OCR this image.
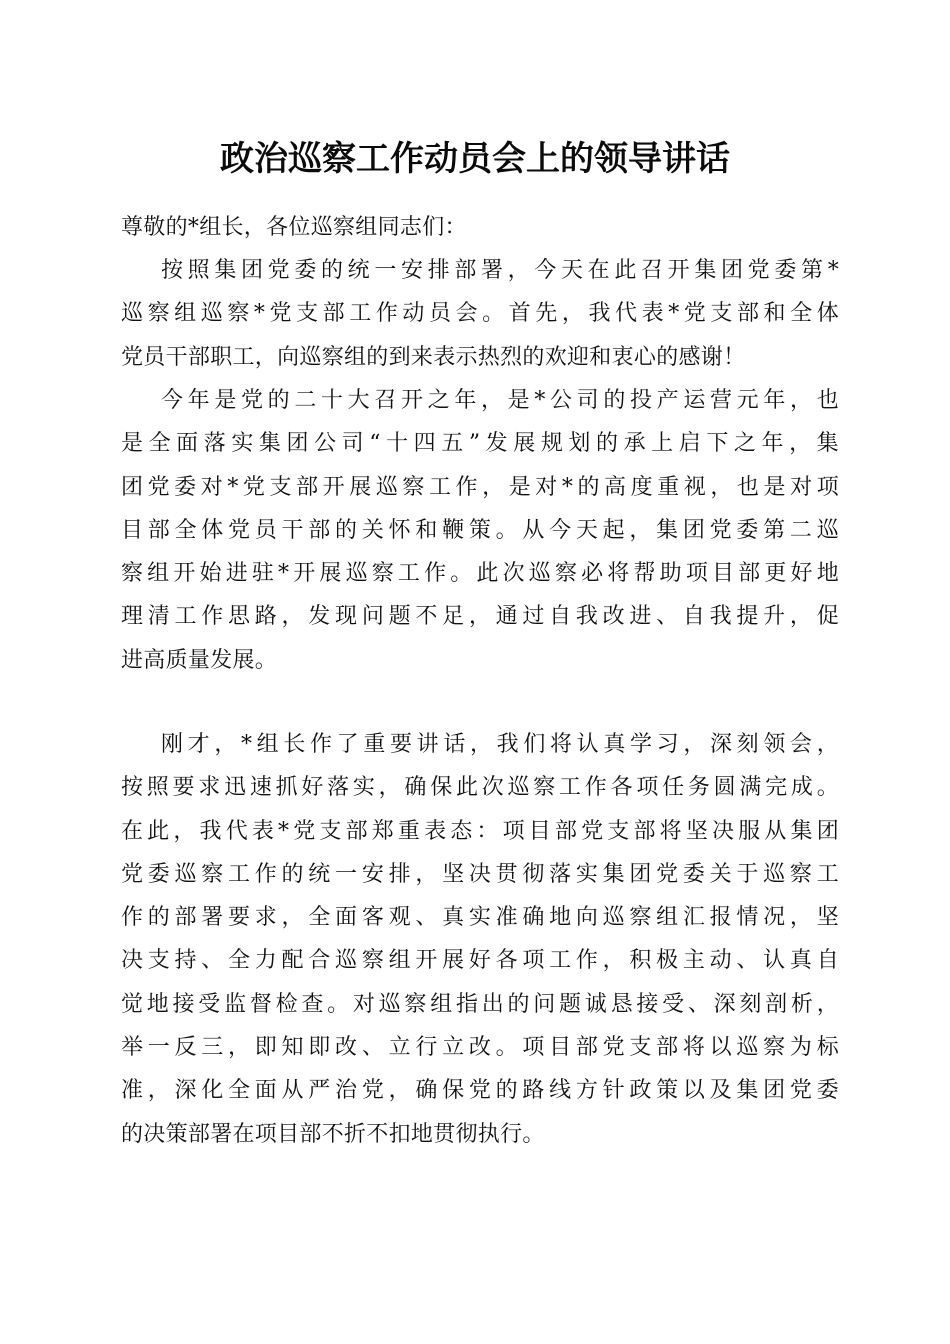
政治巡察工作动员会上的领导讲话

尊敬的*组长，各位巡察组同志们：

按照集团党委的统一安排部署，今天在此召开集团党委第*
巡察组巡察*党支部工作动员会。首先，我代表*党支部和全体
党员干部职工，向巡察组的到来表示热烈的欢迎和衷心的感谢！
今年是党的二十大召开之年，是*公司的投产运营元年，也
是全面落实集团公司“十四五”发展规划的承上启下之年，集
团党委对*党支部开展巡察工作，是对*的高度重视，也是对项
目部全体党员干部的关怀和鞭策。从今天起，集团党委第二巡
察组开始进驻*开展巡察工作。此次巡察必将帮助项目部更好地
理清工作思路，发现问题不足，通过自我改进、自我提升，促
进高质量发展。
刚才，*组长作了重要讲话，我们将认真学习，深刻领会，
按照要求迅速抓好落实，确保此次巡察工作各项任务圆满完成。
在此，我代表*党支部郑重表态：项目部党支部将坚决服从集团
党委巡察工作的统一安排，坚决贯彻落实集团党委关于巡察工
作的部署要求，全面客观、真实准确地向巡察组汇报情况，坚
决支持、全力配合巡察组开展好各项工作，积极主动、认真自
觉地接受监督检查。对巡察组指出的问题诚恳接受、深刻剖析，
举一反三，即知即改、立行立改。项目部党支部将以巡察为标
准，深化全面从严治党，确保党的路线方针政策以及集团党委
的决策部署在项目部不折不扣地贯彻执行。
